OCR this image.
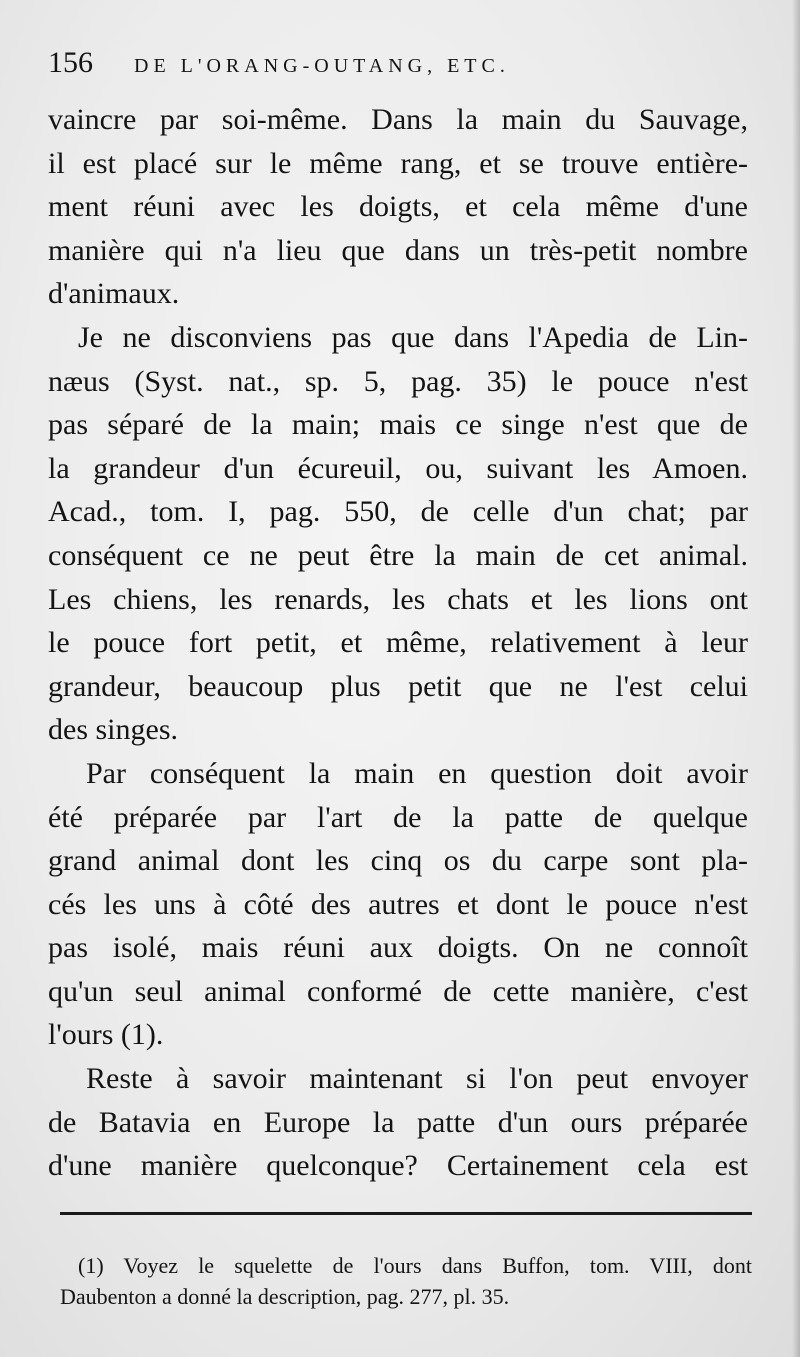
156 DE L'ORANG-OUTANG, ETC.
vaincre par soi-même. Dans la main du Sauvage,
il est placé sur le même rang, et se trouve entière-
ment réuni avec les doigts, et cela même d'une
manière qui n'a lieu que dans un très-petit nombre
d'animaux.
Je ne disconviens pas que dans l'Apedia de Lin-
næus (Syst. nat., sp. 5, pag. 35) le pouce n'est
pas séparé de la main; mais ce singe n'est que de
la grandeur d'un écureuil, ou, suivant les Amoen.
Acad., tom. I, pag. 550, de celle d'un chat; par
conséquent ce ne peut être la main de cet animal.
Les chiens, les renards, les chats et les lions ont
le pouce fort petit, et même, relativement à leur
grandeur, beaucoup plus petit que ne l'est celui
des singes.
Par conséquent la main en question doit avoir
été préparée par l'art de la patte de quelque
grand animal dont les cinq os du carpe sont pla-
cés les uns à côté des autres et dont le pouce n'est
pas isolé, mais réuni aux doigts. On ne connoît
qu'un seul animal conformé de cette manière, c'est
l'ours (1).
Reste à savoir maintenant si l'on peut envoyer
de Batavia en Europe la patte d'un ours préparée
d'une manière quelconque? Certainement cela est
(1) Voyez le squelette de l'ours dans Buffon, tom. VIII, dont
Daubenton a donné la description, pag. 277, pl. 35.
